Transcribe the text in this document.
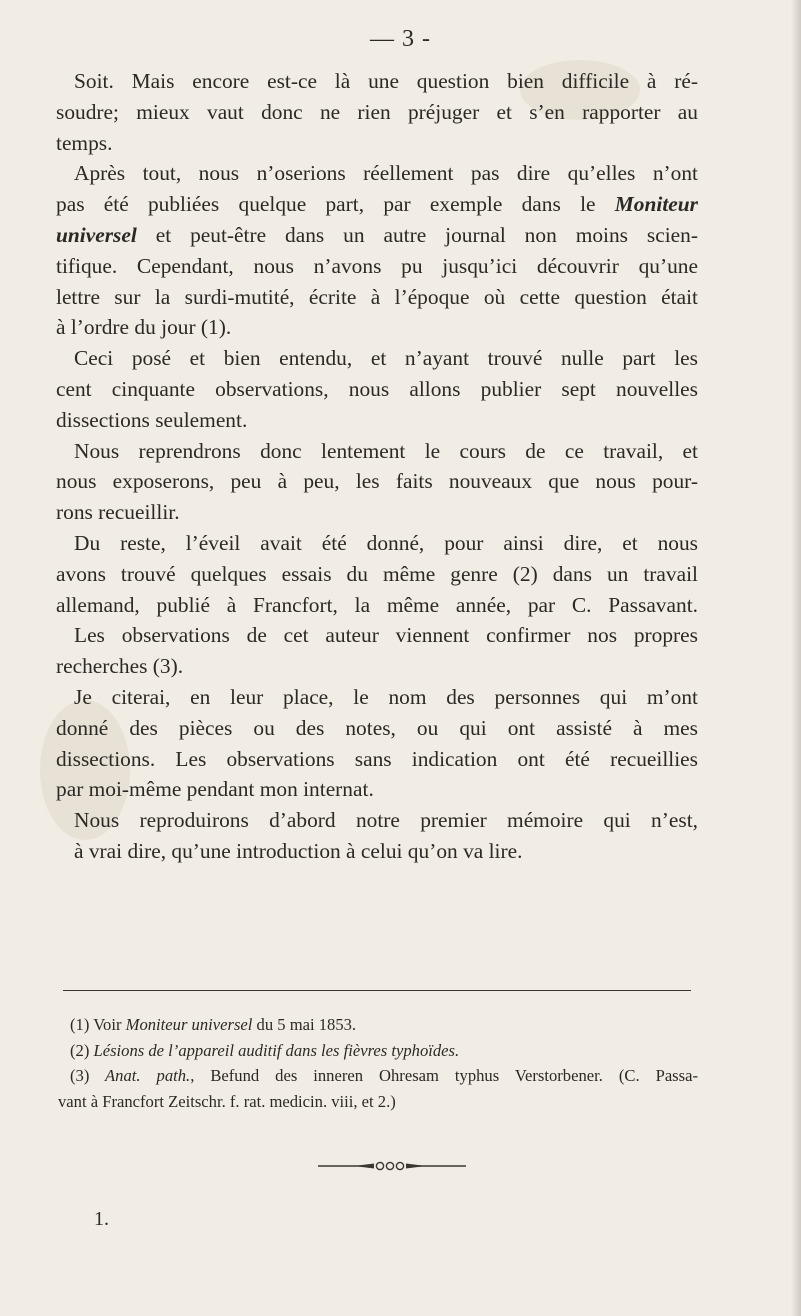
— 3 -

Soit. Mais encore est-ce là une question bien difficile à ré-
soudre; mieux vaut donc ne rien préjuger et s’en rapporter au
temps.
Après tout, nous n’oserions réellement pas dire qu’elles n’ont
pas été publiées quelque part, par exemple dans le Moniteur
universel et peut-être dans un autre journal non moins scien-
tifique. Cependant, nous n’avons pu jusqu’ici découvrir qu’une
lettre sur la surdi-mutité, écrite à l’époque où cette question était
à l’ordre du jour (1).
Ceci posé et bien entendu, et n’ayant trouvé nulle part les
cent cinquante observations, nous allons publier sept nouvelles
dissections seulement.
Nous reprendrons donc lentement le cours de ce travail, et
nous exposerons, peu à peu, les faits nouveaux que nous pour-
rons recueillir.
Du reste, l’éveil avait été donné, pour ainsi dire, et nous
avons trouvé quelques essais du même genre (2) dans un travail
allemand, publié à Francfort, la même année, par C. Passavant.
Les observations de cet auteur viennent confirmer nos propres
recherches (3).
Je citerai, en leur place, le nom des personnes qui m’ont
donné des pièces ou des notes, ou qui ont assisté à mes
dissections. Les observations sans indication ont été recueillies
par moi-même pendant mon internat.
Nous reproduirons d’abord notre premier mémoire qui n’est,
à vrai dire, qu’une introduction à celui qu’on va lire.
(1) Voir Moniteur universel du 5 mai 1853.
(2) Lésions de l’appareil auditif dans les fièvres typhoïdes.
(3) Anat. path., Befund des inneren Ohresam typhus Verstorbener. (C. Passa-
vant à Francfort Zeitschr. f. rat. medicin. viii, et 2.)

1.
